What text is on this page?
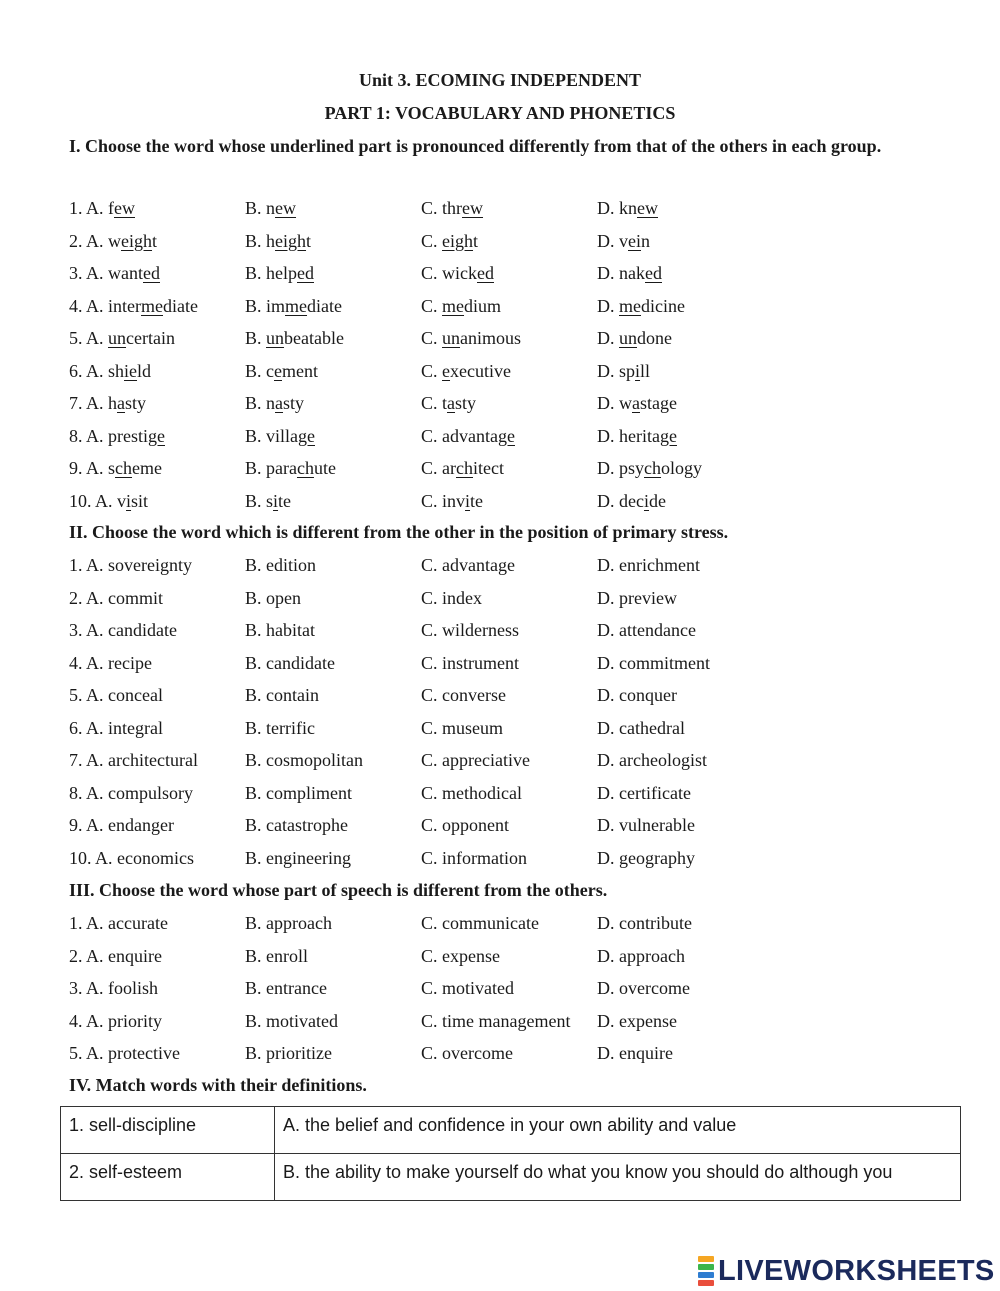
Unit 3. ECOMING INDEPENDENT
PART 1: VOCABULARY AND PHONETICS
I. Choose the word whose underlined part is pronounced differently from that of the others in each group.
1. A. few	B. new	C. threw	D. knew
2. A. weight	B. height	C. eight	D. vein
3. A. wanted	B. helped	C. wicked	D. naked
4. A. intermediate	B. immediate	C. medium	D. medicine
5. A. uncertain	B. unbeatable	C. unanimous	D. undone
6. A. shield	B. cement	C. executive	D. spill
7. A. hasty	B. nasty	C. tasty	D. wastage
8. A. prestige	B. village	C. advantage	D. heritage
9. A. scheme	B. parachute	C. architect	D. psychology
10. A. visit	B. site	C. invite	D. decide
II. Choose the word which is different from the other in the position of primary stress.
1. A. sovereignty	B. edition	C. advantage	D. enrichment
2. A. commit	B. open	C. index	D. preview
3. A. candidate	B. habitat	C. wilderness	D. attendance
4. A. recipe	B. candidate	C. instrument	D. commitment
5. A. conceal	B. contain	C. converse	D. conquer
6. A. integral	B. terrific	C. museum	D. cathedral
7. A. architectural	B. cosmopolitan	C. appreciative	D. archeologist
8. A. compulsory	B. compliment	C. methodical	D. certificate
9. A. endanger	B. catastrophe	C. opponent	D. vulnerable
10. A. economics	B. engineering	C. information	D. geography
III. Choose the word whose part of speech is different from the others.
1. A. accurate	B. approach	C. communicate	D. contribute
2. A. enquire	B. enroll	C. expense	D. approach
3. A. foolish	B. entrance	C. motivated	D. overcome
4. A. priority	B. motivated	C. time management D. expense
5. A. protective	B. prioritize	C. overcome	D. enquire
IV. Match words with their definitions.
1. sell-discipline	A. the belief and confidence in your own ability and value
2. self-esteem	B. the ability to make yourself do what you know you should do although you
LIVEWORKSHEETS
